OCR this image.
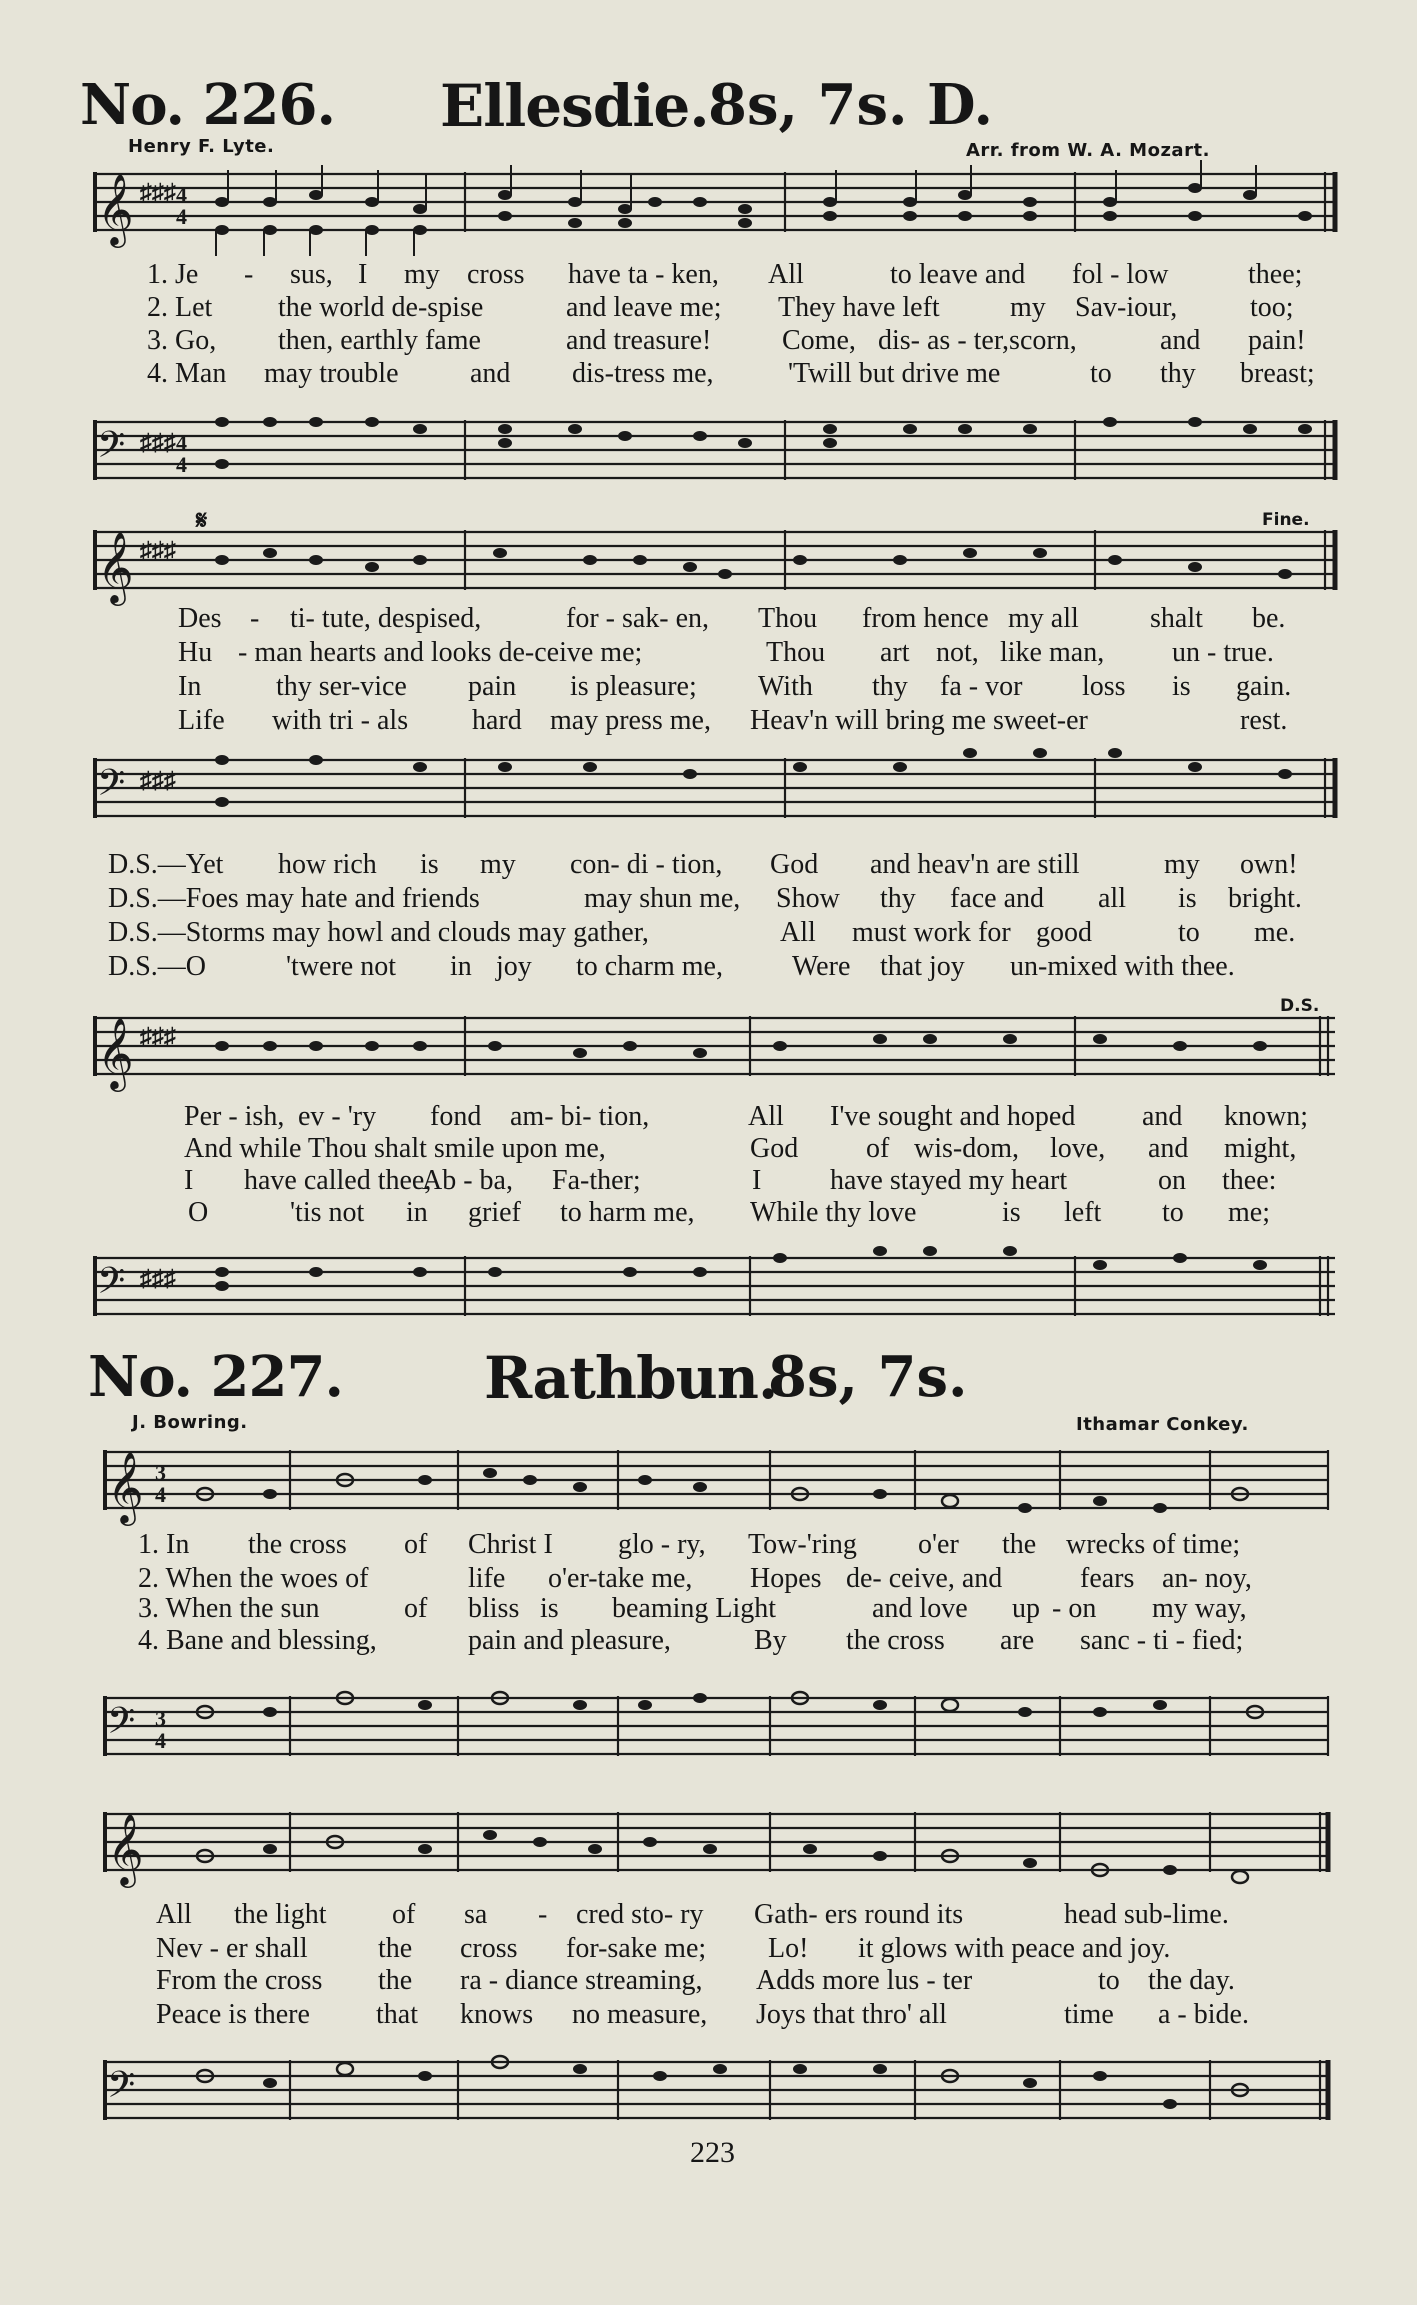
No. 226. Ellesdie. 8s, 7s. D.
Henry F. Lyte.	Arr. from W. A. Mozart.
𝄞 ♯♯♯ 4
4
1. Je - sus, I my cross have ta - ken, All	to leave and fol - low	thee;
2. Let the world de-spise	and leave me; They have left	my Sav-iour,	too;
3. Go, then, earthly fame	and treasure!	Come, dis- as - ter,scorn,	and pain!
4. Man may trouble	and dis-tress me,	'Twill but drive me	to thy breast;
𝄢 ♯♯♯ 4
4
𝄋	Fine.
𝄞 ♯♯♯
Des - ti- tute, despised,	for - sak- en, Thou from hence my all	shalt be.
Hu - man hearts and looks de-ceive me;	Thou art not, like man, un - true.
In	thy ser-vice pain is pleasure; With thy fa - vor loss is gain.
Life with tri - als hard may press me, Heav'n will bring me sweet-er	rest.
𝄢 ♯♯♯
D.S.—Yet how rich is my con- di - tion, God and heav'n are still	my own!
D.S.—Foes may hate and friends	may shun me, Show thy face and all is bright.
D.S.—Storms may howl and clouds may gather,	All must work for good	to me.
D.S.—O	'twere not in joy to charm me, Were that joy un-mixed with thee.
D.S.
𝄞 ♯♯♯
Per - ish, ev - 'ry fond am- bi- tion,	All I've sought and hoped and known;
And while Thou shalt smile upon me,	God of wis-dom, love, and might,
I have called thee,
Ab - ba, Fa-ther;	I have stayed my heart	on thee:
O	'tis not in grief to harm me, While thy love	is left to me;
𝄢 ♯♯♯
No. 227. Rathbun.
8s, 7s.
J. Bowring.	Ithamar Conkey.
𝄞 3
4
1. In the cross of Christ I glo - ry, Tow-'ring o'er the wrecks of time;
2. When the woes of	life o'er-take me, Hopes de- ceive, and	fears an- noy,
3. When the sun	of bliss is beaming Light	and love up - on my way,
4. Bane and blessing,	pain and pleasure,	By the cross are sanc - ti - fied;
𝄢 3
4
𝄞
All the light of sa - cred sto- ry Gath- ers round its	head sub-lime.
Nev - er shall	the cross for-sake me; Lo! it glows with peace and joy.
From the cross the ra - diance streaming, Adds more lus - ter	to the day.
Peace is there that knows no measure, Joys that thro' all	time a - bide.
𝄢
223
